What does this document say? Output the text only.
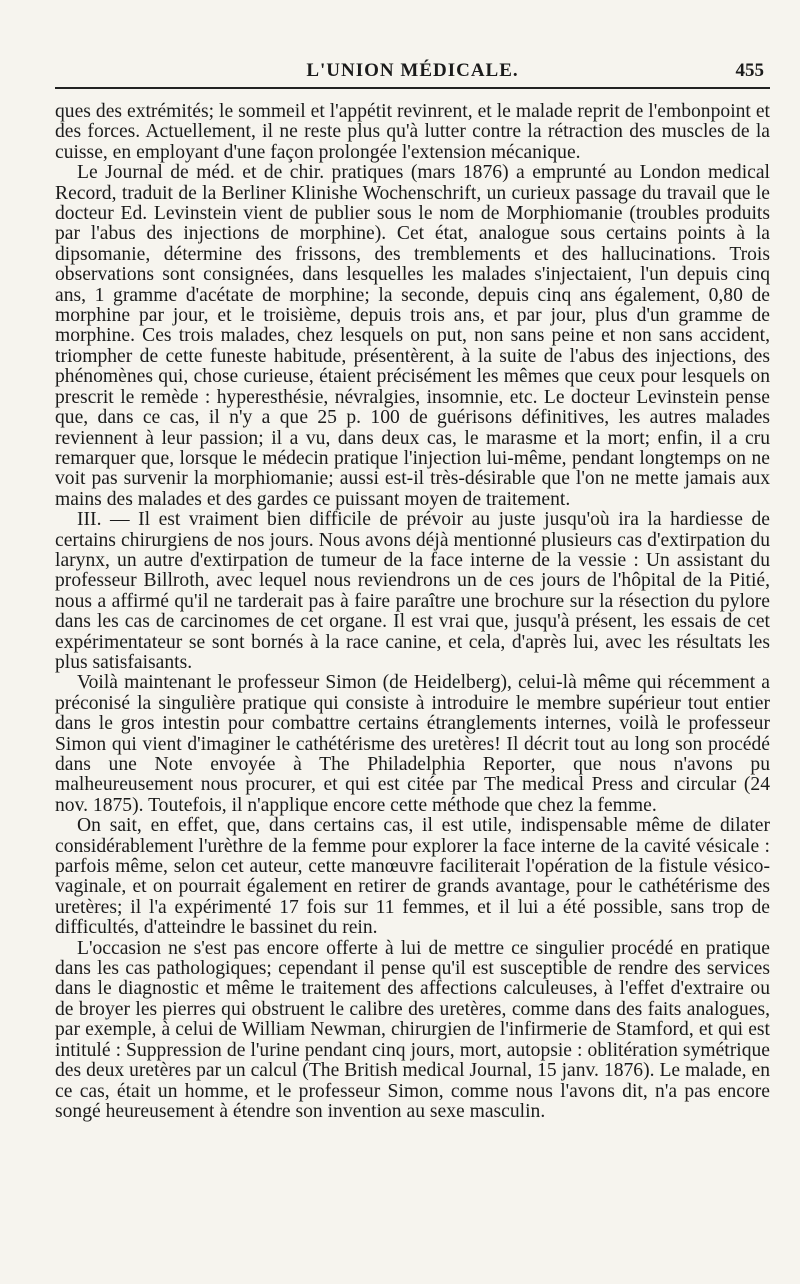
L'UNION MÉDICALE.	455

ques des extrémités; le sommeil et l'appétit revinrent, et le malade reprit de l'embonpoint et des forces. Actuellement, il ne reste plus qu'à lutter contre la rétraction des muscles de la cuisse, en employant d'une façon prolongée l'extension mécanique.

Le Journal de méd. et de chir. pratiques (mars 1876) a emprunté au London medical Record, traduit de la Berliner Klinishe Wochenschrift, un curieux passage du travail que le docteur Ed. Levinstein vient de publier sous le nom de Morphiomanie (troubles produits par l'abus des injections de morphine). Cet état, analogue sous certains points à la dipsomanie, détermine des frissons, des tremblements et des hallucinations. Trois observations sont consignées, dans lesquelles les malades s'injectaient, l'un depuis cinq ans, 1 gramme d'acétate de morphine; la seconde, depuis cinq ans également, 0,80 de morphine par jour, et le troisième, depuis trois ans, et par jour, plus d'un gramme de morphine. Ces trois malades, chez lesquels on put, non sans peine et non sans accident, triompher de cette funeste habitude, présentèrent, à la suite de l'abus des injections, des phénomènes qui, chose curieuse, étaient précisément les mêmes que ceux pour lesquels on prescrit le remède : hyperesthésie, névralgies, insomnie, etc. Le docteur Levinstein pense que, dans ce cas, il n'y a que 25 p. 100 de guérisons définitives, les autres malades reviennent à leur passion; il a vu, dans deux cas, le marasme et la mort; enfin, il a cru remarquer que, lorsque le médecin pratique l'injection lui-même, pendant longtemps on ne voit pas survenir la morphiomanie; aussi est-il très-désirable que l'on ne mette jamais aux mains des malades et des gardes ce puissant moyen de traitement.

III. — Il est vraiment bien difficile de prévoir au juste jusqu'où ira la hardiesse de certains chirurgiens de nos jours. Nous avons déjà mentionné plusieurs cas d'extirpation du larynx, un autre d'extirpation de tumeur de la face interne de la vessie : Un assistant du professeur Billroth, avec lequel nous reviendrons un de ces jours de l'hôpital de la Pitié, nous a affirmé qu'il ne tarderait pas à faire paraître une brochure sur la résection du pylore dans les cas de carcinomes de cet organe. Il est vrai que, jusqu'à présent, les essais de cet expérimentateur se sont bornés à la race canine, et cela, d'après lui, avec les résultats les plus satisfaisants.

Voilà maintenant le professeur Simon (de Heidelberg), celui-là même qui récemment a préconisé la singulière pratique qui consiste à introduire le membre supérieur tout entier dans le gros intestin pour combattre certains étranglements internes, voilà le professeur Simon qui vient d'imaginer le cathétérisme des uretères! Il décrit tout au long son procédé dans une Note envoyée à The Philadelphia Reporter, que nous n'avons pu malheureusement nous procurer, et qui est citée par The medical Press and circular (24 nov. 1875). Toutefois, il n'applique encore cette méthode que chez la femme.

On sait, en effet, que, dans certains cas, il est utile, indispensable même de dilater considérablement l'urèthre de la femme pour explorer la face interne de la cavité vésicale : parfois même, selon cet auteur, cette manœuvre faciliterait l'opération de la fistule vésico-vaginale, et on pourrait également en retirer de grands avantage, pour le cathétérisme des uretères; il l'a expérimenté 17 fois sur 11 femmes, et il lui a été possible, sans trop de difficultés, d'atteindre le bassinet du rein.

L'occasion ne s'est pas encore offerte à lui de mettre ce singulier procédé en pratique dans les cas pathologiques; cependant il pense qu'il est susceptible de rendre des services dans le diagnostic et même le traitement des affections calculeuses, à l'effet d'extraire ou de broyer les pierres qui obstruent le calibre des uretères, comme dans des faits analogues, par exemple, à celui de William Newman, chirurgien de l'infirmerie de Stamford, et qui est intitulé : Suppression de l'urine pendant cinq jours, mort, autopsie : oblitération symétrique des deux uretères par un calcul (The British medical Journal, 15 janv. 1876). Le malade, en ce cas, était un homme, et le professeur Simon, comme nous l'avons dit, n'a pas encore songé heureusement à étendre son invention au sexe masculin.
